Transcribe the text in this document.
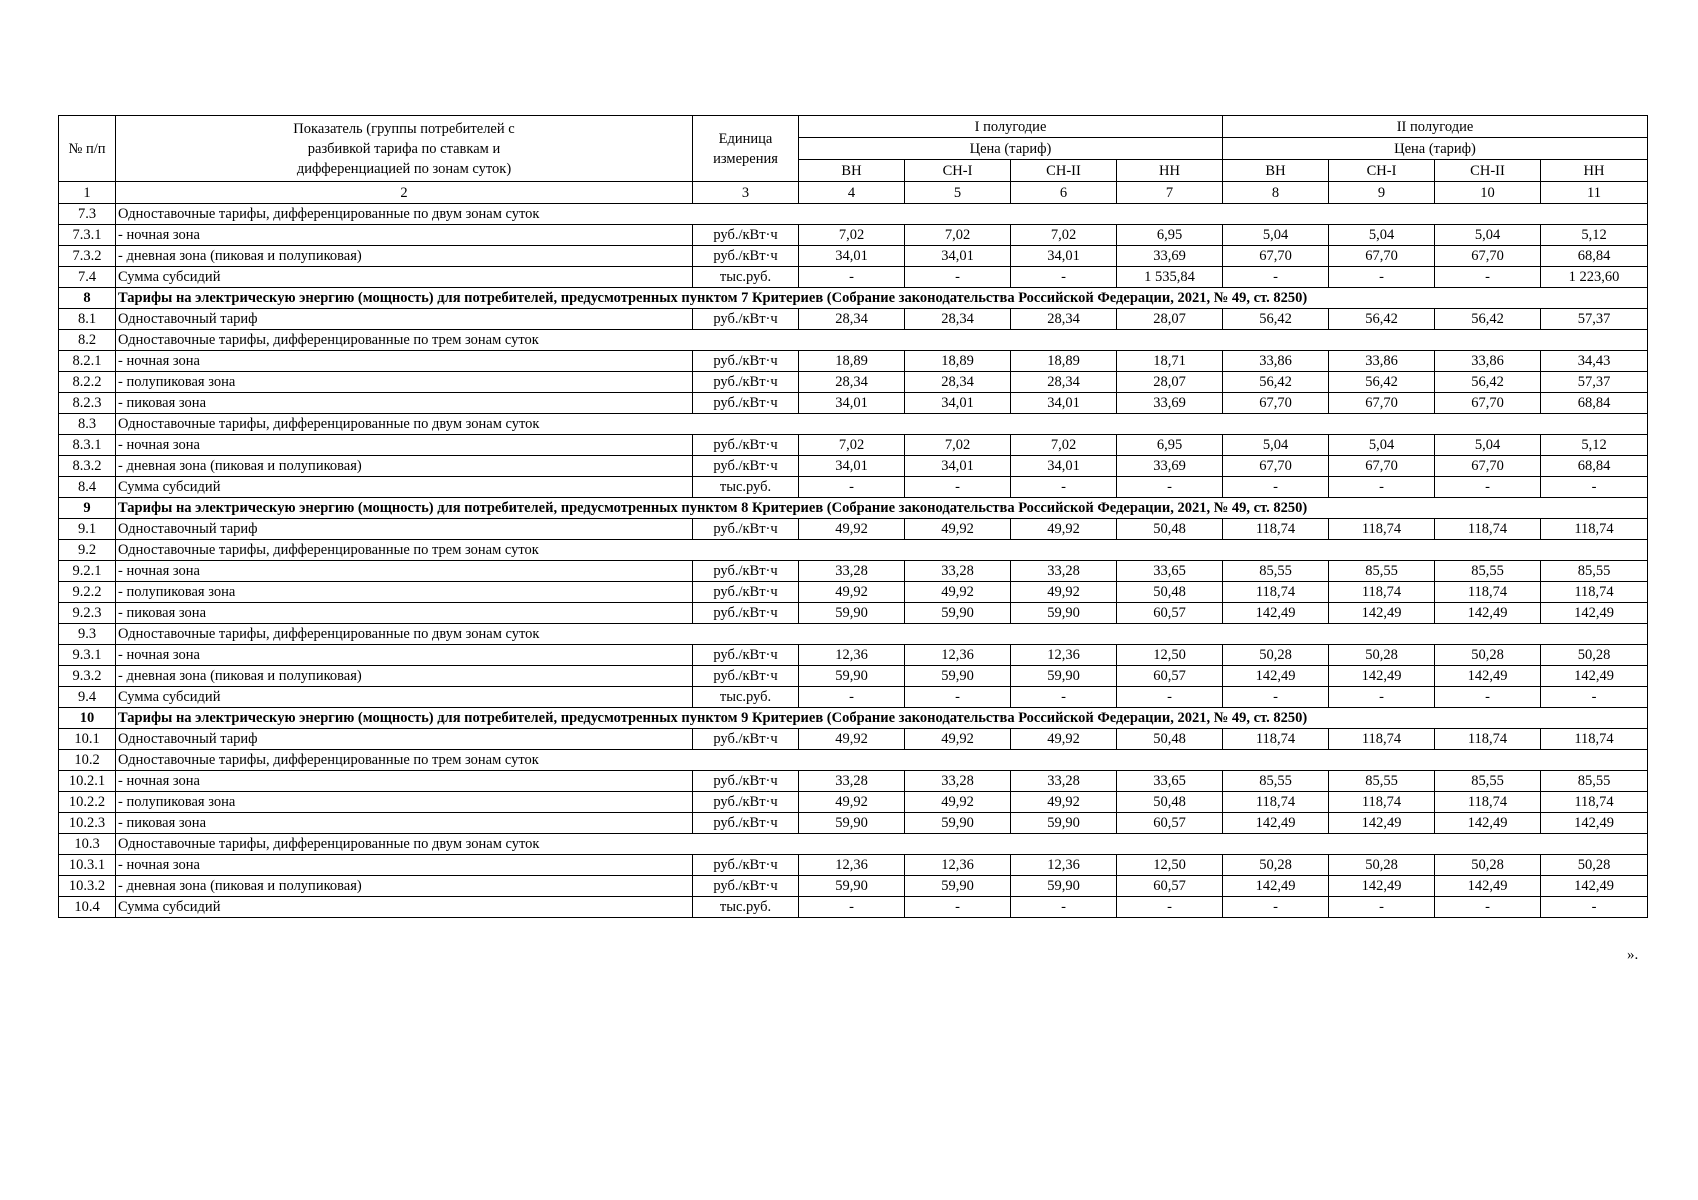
№ п/п	Показатель (группы потребителей с разбивкой тарифа по ставкам и дифференциацией по зонам суток)	Единица измерения	I полугодие				II полугодие			
			Цена (тариф)				Цена (тариф)			
			ВН	СН-I	СН-II	НН	ВН	СН-I	СН-II	НН
1	2	3	4	5	6	7	8	9	10	11
7.3	Одноставочные тарифы, дифференцированные по двум зонам суток									
7.3.1	- ночная зона	руб./кВт·ч	7,02	7,02	7,02	6,95	5,04	5,04	5,04	5,12
7.3.2	- дневная зона (пиковая и полупиковая)	руб./кВт·ч	34,01	34,01	34,01	33,69	67,70	67,70	67,70	68,84
7.4	Сумма субсидий	тыс.руб.	-	-	-	1 535,84	-	-	-	1 223,60
8	Тарифы на электрическую энергию (мощность) для потребителей, предусмотренных пунктом 7 Критериев (Собрание законодательства Российской Федерации, 2021, № 49, ст. 8250)									
8.1	Одноставочный тариф	руб./кВт·ч	28,34	28,34	28,34	28,07	56,42	56,42	56,42	57,37
8.2	Одноставочные тарифы, дифференцированные по трем зонам суток									
8.2.1	- ночная зона	руб./кВт·ч	18,89	18,89	18,89	18,71	33,86	33,86	33,86	34,43
8.2.2	- полупиковая зона	руб./кВт·ч	28,34	28,34	28,34	28,07	56,42	56,42	56,42	57,37
8.2.3	- пиковая зона	руб./кВт·ч	34,01	34,01	34,01	33,69	67,70	67,70	67,70	68,84
8.3	Одноставочные тарифы, дифференцированные по двум зонам суток									
8.3.1	- ночная зона	руб./кВт·ч	7,02	7,02	7,02	6,95	5,04	5,04	5,04	5,12
8.3.2	- дневная зона (пиковая и полупиковая)	руб./кВт·ч	34,01	34,01	34,01	33,69	67,70	67,70	67,70	68,84
8.4	Сумма субсидий	тыс.руб.	-	-	-	-	-	-	-	-
9	Тарифы на электрическую энергию (мощность) для потребителей, предусмотренных пунктом 8 Критериев (Собрание законодательства Российской Федерации, 2021, № 49, ст. 8250)									
9.1	Одноставочный тариф	руб./кВт·ч	49,92	49,92	49,92	50,48	118,74	118,74	118,74	118,74
9.2	Одноставочные тарифы, дифференцированные по трем зонам суток									
9.2.1	- ночная зона	руб./кВт·ч	33,28	33,28	33,28	33,65	85,55	85,55	85,55	85,55
9.2.2	- полупиковая зона	руб./кВт·ч	49,92	49,92	49,92	50,48	118,74	118,74	118,74	118,74
9.2.3	- пиковая зона	руб./кВт·ч	59,90	59,90	59,90	60,57	142,49	142,49	142,49	142,49
9.3	Одноставочные тарифы, дифференцированные по двум зонам суток									
9.3.1	- ночная зона	руб./кВт·ч	12,36	12,36	12,36	12,50	50,28	50,28	50,28	50,28
9.3.2	- дневная зона (пиковая и полупиковая)	руб./кВт·ч	59,90	59,90	59,90	60,57	142,49	142,49	142,49	142,49
9.4	Сумма субсидий	тыс.руб.	-	-	-	-	-	-	-	-
10	Тарифы на электрическую энергию (мощность) для потребителей, предусмотренных пунктом 9 Критериев (Собрание законодательства Российской Федерации, 2021, № 49, ст. 8250)									
10.1	Одноставочный тариф	руб./кВт·ч	49,92	49,92	49,92	50,48	118,74	118,74	118,74	118,74
10.2	Одноставочные тарифы, дифференцированные по трем зонам суток									
10.2.1	- ночная зона	руб./кВт·ч	33,28	33,28	33,28	33,65	85,55	85,55	85,55	85,55
10.2.2	- полупиковая зона	руб./кВт·ч	49,92	49,92	49,92	50,48	118,74	118,74	118,74	118,74
10.2.3	- пиковая зона	руб./кВт·ч	59,90	59,90	59,90	60,57	142,49	142,49	142,49	142,49
10.3	Одноставочные тарифы, дифференцированные по двум зонам суток									
10.3.1	- ночная зона	руб./кВт·ч	12,36	12,36	12,36	12,50	50,28	50,28	50,28	50,28
10.3.2	- дневная зона (пиковая и полупиковая)	руб./кВт·ч	59,90	59,90	59,90	60,57	142,49	142,49	142,49	142,49
10.4	Сумма субсидий	тыс.руб.	-	-	-	-	-	-	-	-
».
